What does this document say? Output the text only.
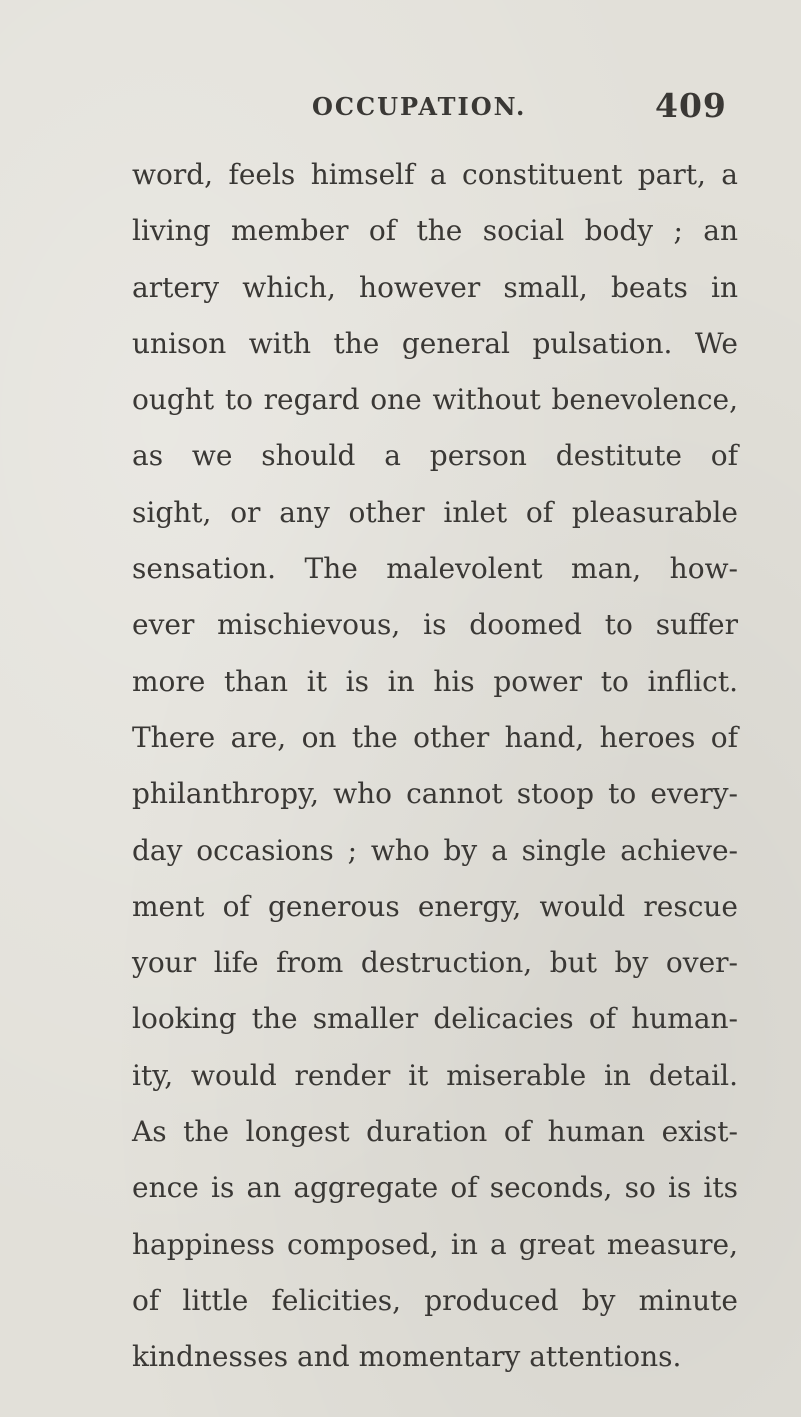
OCCUPATION.	409
word, feels himself a constituent part, a
living member of the social body ; an
artery which, however small, beats in
unison with the general pulsation. We
ought to regard one without benevolence,
as we should a person destitute of
sight, or any other inlet of pleasurable
sensation. The malevolent man, how-
ever mischievous, is doomed to suffer
more than it is in his power to inflict.
There are, on the other hand, heroes of
philanthropy, who cannot stoop to every-
day occasions ; who by a single achieve-
ment of generous energy, would rescue
your life from destruction, but by over-
looking the smaller delicacies of human-
ity, would render it miserable in detail.
As the longest duration of human exist-
ence is an aggregate of seconds, so is its
happiness composed, in a great measure,
of little felicities, produced by minute
kindnesses and momentary attentions.
